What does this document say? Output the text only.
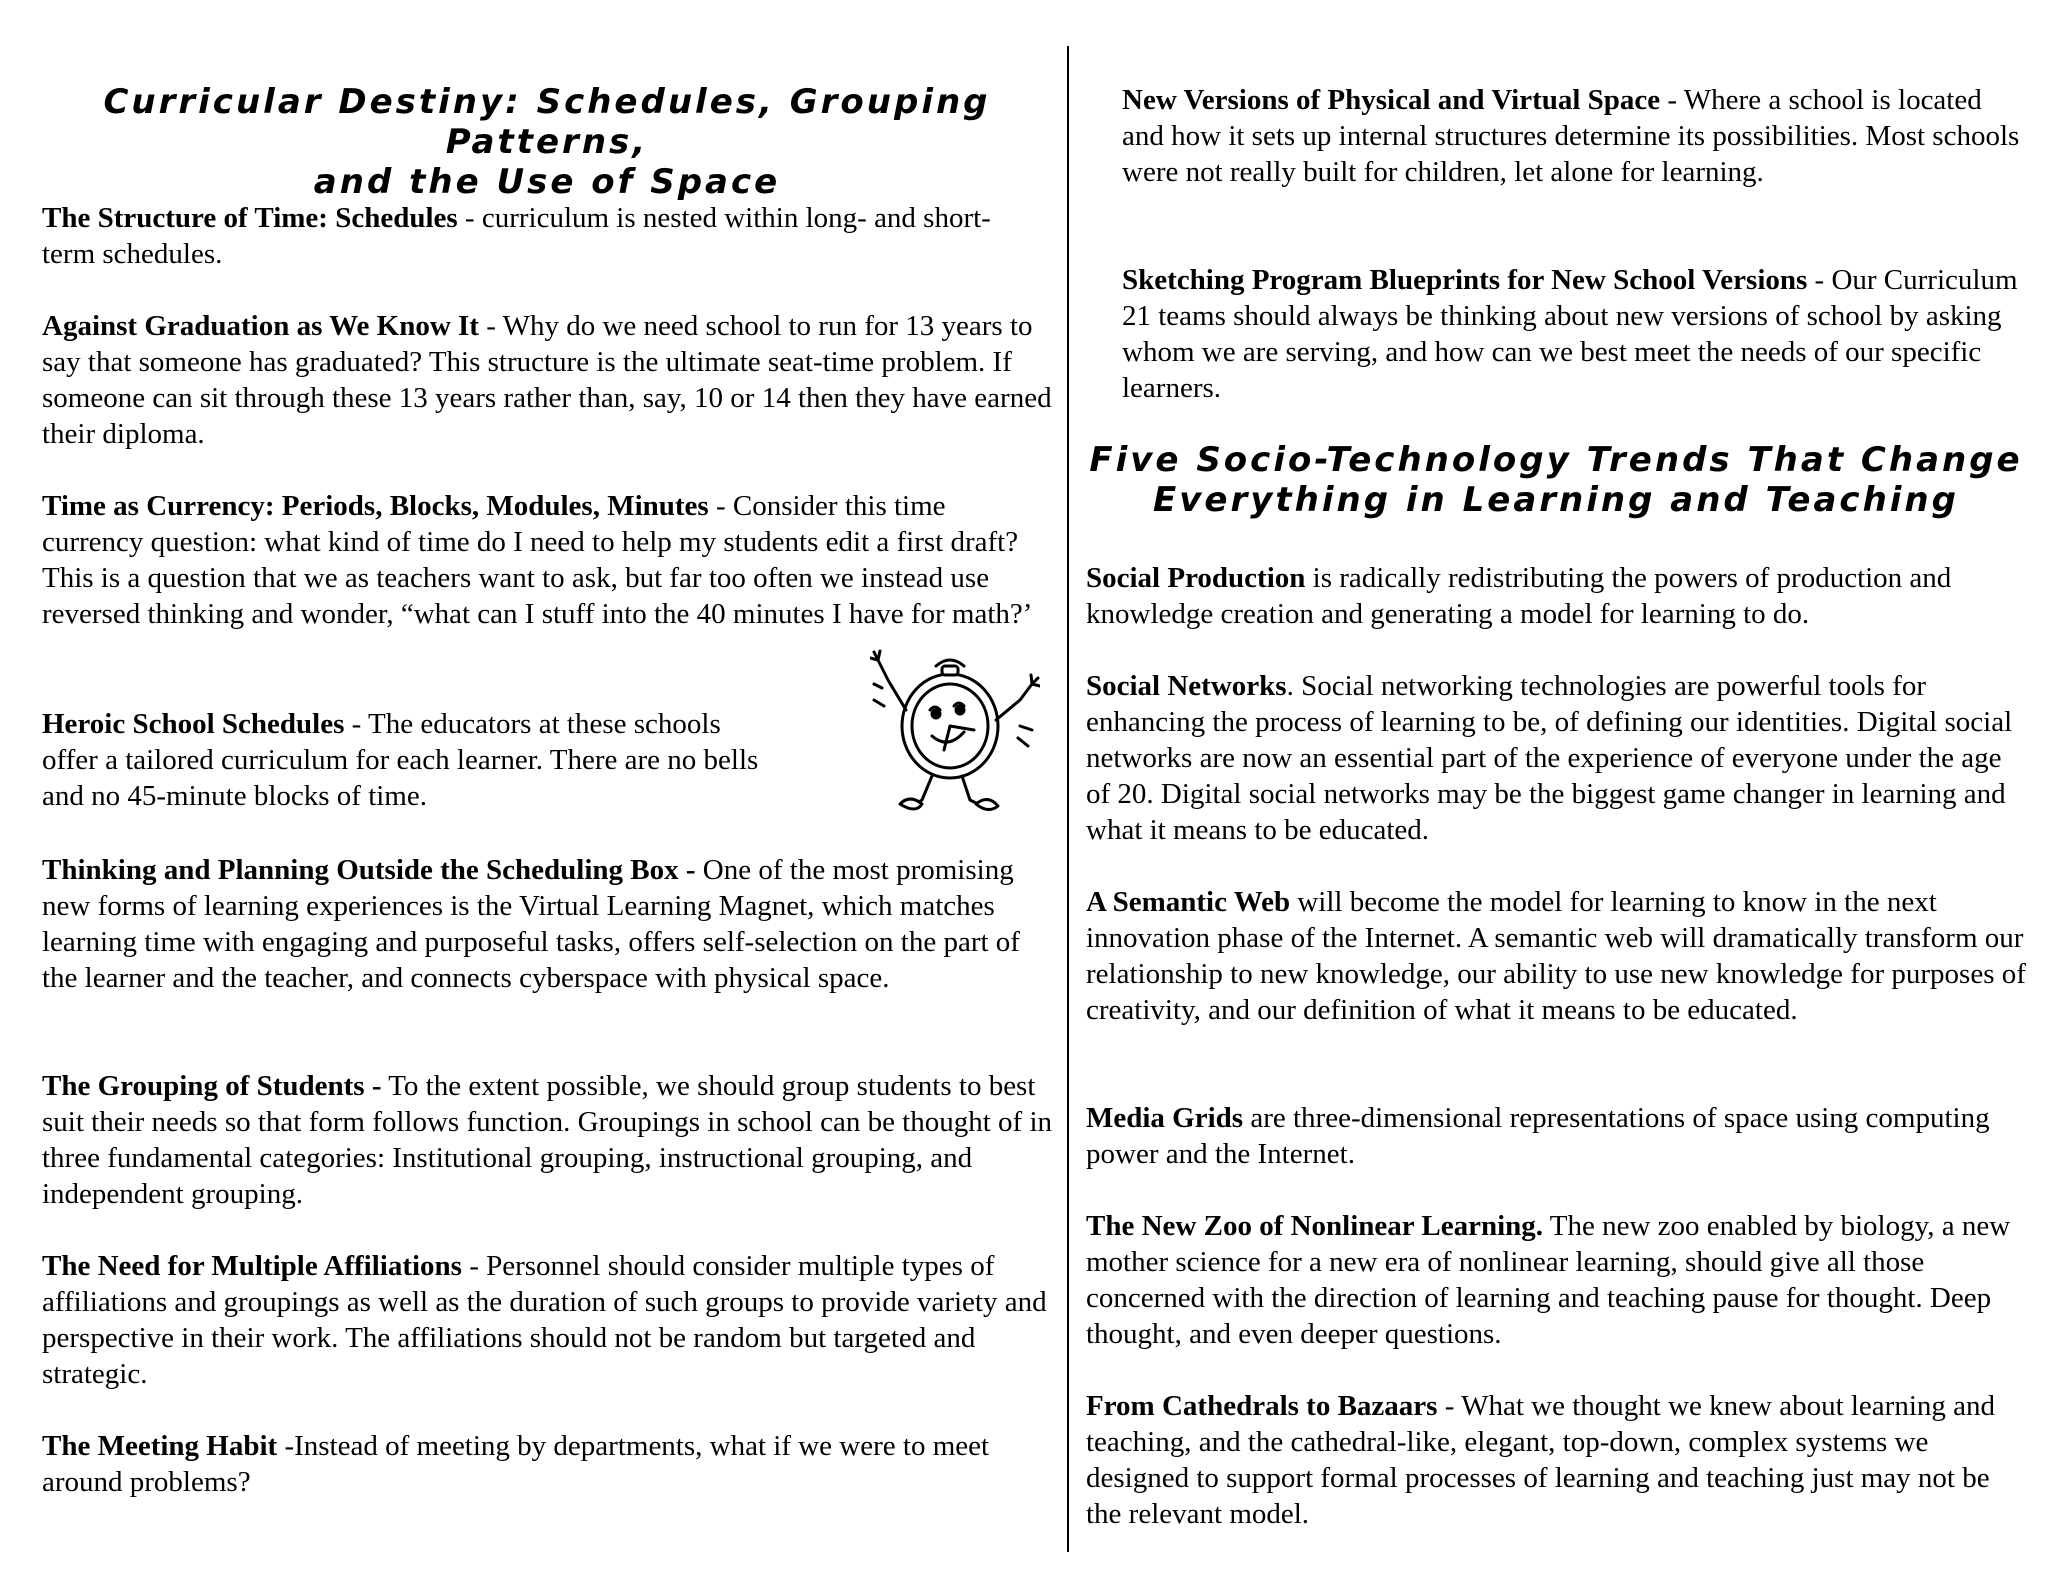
Curricular Destiny: Schedules, Grouping Patterns,

and the Use of Space

The Structure of Time: Schedules - curriculum is nested within long- and short-term schedules.

Against Graduation as We Know It - Why do we need school to run for 13 years to say that someone has graduated? This structure is the ultimate seat-time problem. If someone can sit through these 13 years rather than, say, 10 or 14 then they have earned their diploma.

Time as Currency: Periods, Blocks, Modules, Minutes - Consider this time currency question: what kind of time do I need to help my students edit a first draft? This is a question that we as teachers want to ask, but far too often we instead use reversed thinking and wonder, “what can I stuff into the 40 minutes I have for math?’

Heroic School Schedules - The educators at these schools offer a tailored curriculum for each learner. There are no bells and no 45-minute blocks of time.

Thinking and Planning Outside the Scheduling Box - One of the most promising new forms of learning experiences is the Virtual Learning Magnet, which matches learning time with engaging and purposeful tasks, offers self-selection on the part of the learner and the teacher, and connects cyberspace with physical space.

The Grouping of Students - To the extent possible, we should group students to best suit their needs so that form follows function. Groupings in school can be thought of in three fundamental categories: Institutional grouping, instructional grouping, and independent grouping.

The Need for Multiple Affiliations - Personnel should consider multiple types of affiliations and groupings as well as the duration of such groups to provide variety and perspective in their work. The affiliations should not be random but targeted and strategic.

The Meeting Habit -Instead of meeting by departments, what if we were to meet around problems?

New Versions of Physical and Virtual Space - Where a school is located and how it sets up internal structures determine its possibilities. Most schools were not really built for children, let alone for learning.

Sketching Program Blueprints for New School Versions - Our Curriculum 21 teams should always be thinking about new versions of school by asking whom we are serving, and how can we best meet the needs of our specific learners.

Five Socio-Technology Trends That Change

Everything in Learning and Teaching

Social Production is radically redistributing the powers of production and knowledge creation and generating a model for learning to do.

Social Networks. Social networking technologies are powerful tools for enhancing the process of learning to be, of defining our identities. Digital social networks are now an essential part of the experience of everyone under the age of 20. Digital social networks may be the biggest game changer in learning and what it means to be educated.

A Semantic Web will become the model for learning to know in the next innovation phase of the Internet. A semantic web will dramatically transform our relationship to new knowledge, our ability to use new knowledge for purposes of creativity, and our definition of what it means to be educated.

Media Grids are three-dimensional representations of space using computing power and the Internet.

The New Zoo of Nonlinear Learning. The new zoo enabled by biology, a new mother science for a new era of nonlinear learning, should give all those concerned with the direction of learning and teaching pause for thought. Deep thought, and even deeper questions.

From Cathedrals to Bazaars - What we thought we knew about learning and teaching, and the cathedral-like, elegant, top-down, complex systems we designed to support formal processes of learning and teaching just may not be the relevant model.
